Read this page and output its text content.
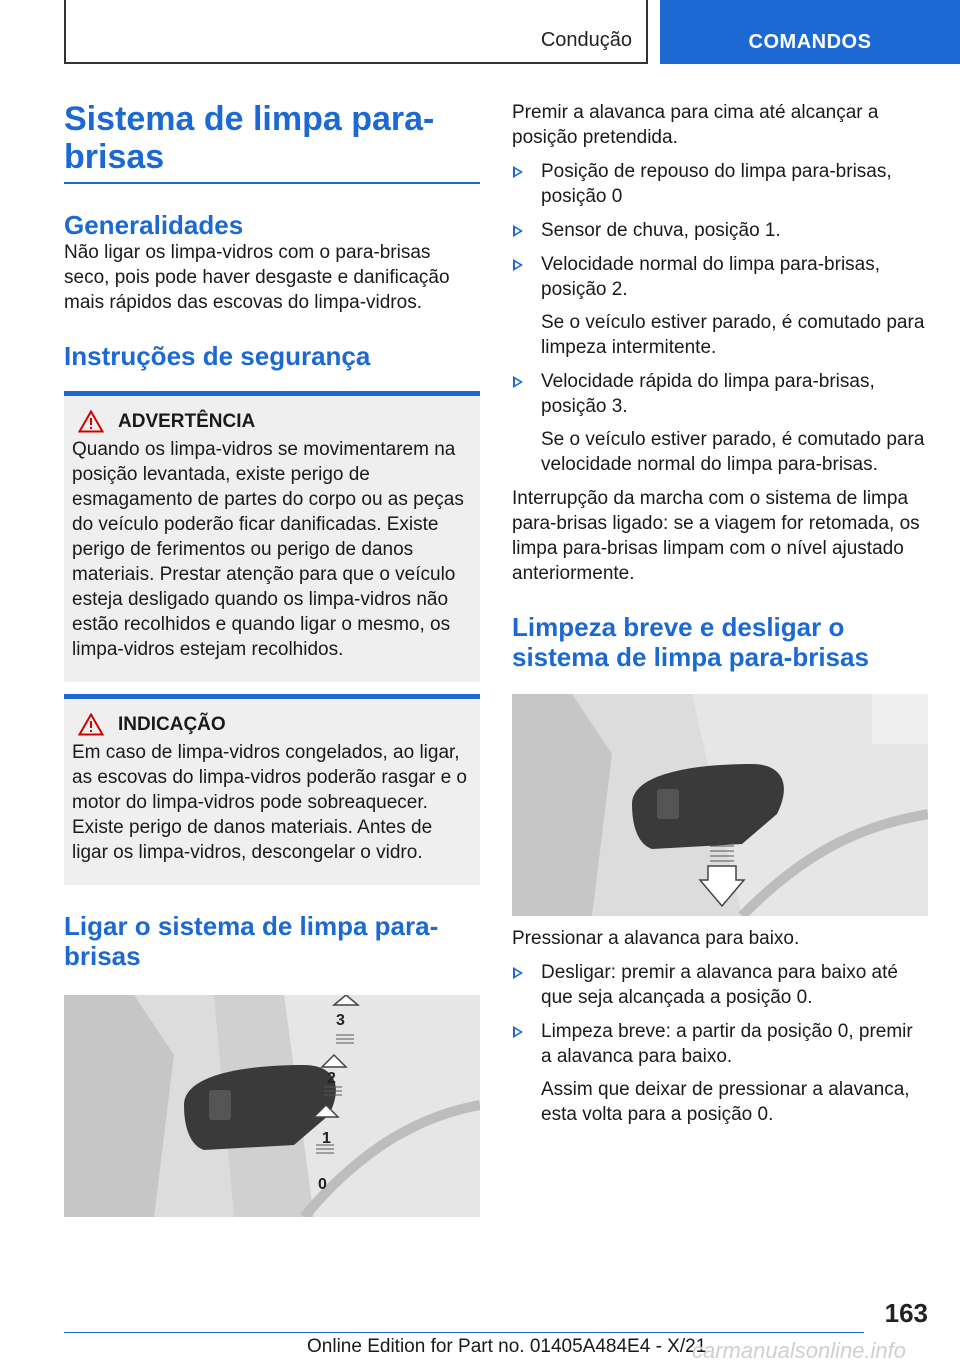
Condução	COMANDOS
Sistema de limpa para-brisas
Generalidades

Não ligar os limpa-vidros com o para-brisas seco, pois pode haver desgaste e danificação mais rápidos das escovas do limpa-vidros.

Instruções de segurança
ADVERTÊNCIA

Quando os limpa-vidros se movimentarem na posição levantada, existe perigo de esmagamento de partes do corpo ou as peças do veículo poderão ficar danificadas. Existe perigo de ferimentos ou perigo de danos materiais. Prestar atenção para que o veículo esteja desligado quando os limpa-vidros não estão recolhidos e quando ligar o mesmo, os limpa-vidros estejam recolhidos.

INDICAÇÃO

Em caso de limpa-vidros congelados, ao ligar, as escovas do limpa-vidros poderão rasgar e o motor do limpa-vidros pode sobreaquecer. Existe perigo de danos materiais. Antes de ligar os limpa-vidros, descongelar o vidro.

Ligar o sistema de limpa para-brisas
3
2
1
0

Premir a alavanca para cima até alcançar a posição pretendida.

Posição de repouso do limpa para-brisas, posição 0
Sensor de chuva, posição 1.
Velocidade normal do limpa para-brisas, posição 2.
Se o veículo estiver parado, é comutado para limpeza intermitente.
Velocidade rápida do limpa para-brisas, posição 3.
Se o veículo estiver parado, é comutado para velocidade normal do limpa para-brisas.

Interrupção da marcha com o sistema de limpa para-brisas ligado: se a viagem for retomada, os limpa para-brisas limpam com o nível ajustado anteriormente.

Limpeza breve e desligar o sistema de limpa para-brisas

Pressionar a alavanca para baixo.

Desligar: premir a alavanca para baixo até que seja alcançada a posição 0.
Limpeza breve: a partir da posição 0, premir a alavanca para baixo.
Assim que deixar de pressionar a alavanca, esta volta para a posição 0.
163
Online Edition for Part no. 01405A484E4 - X/21
carmanualsonline.info
